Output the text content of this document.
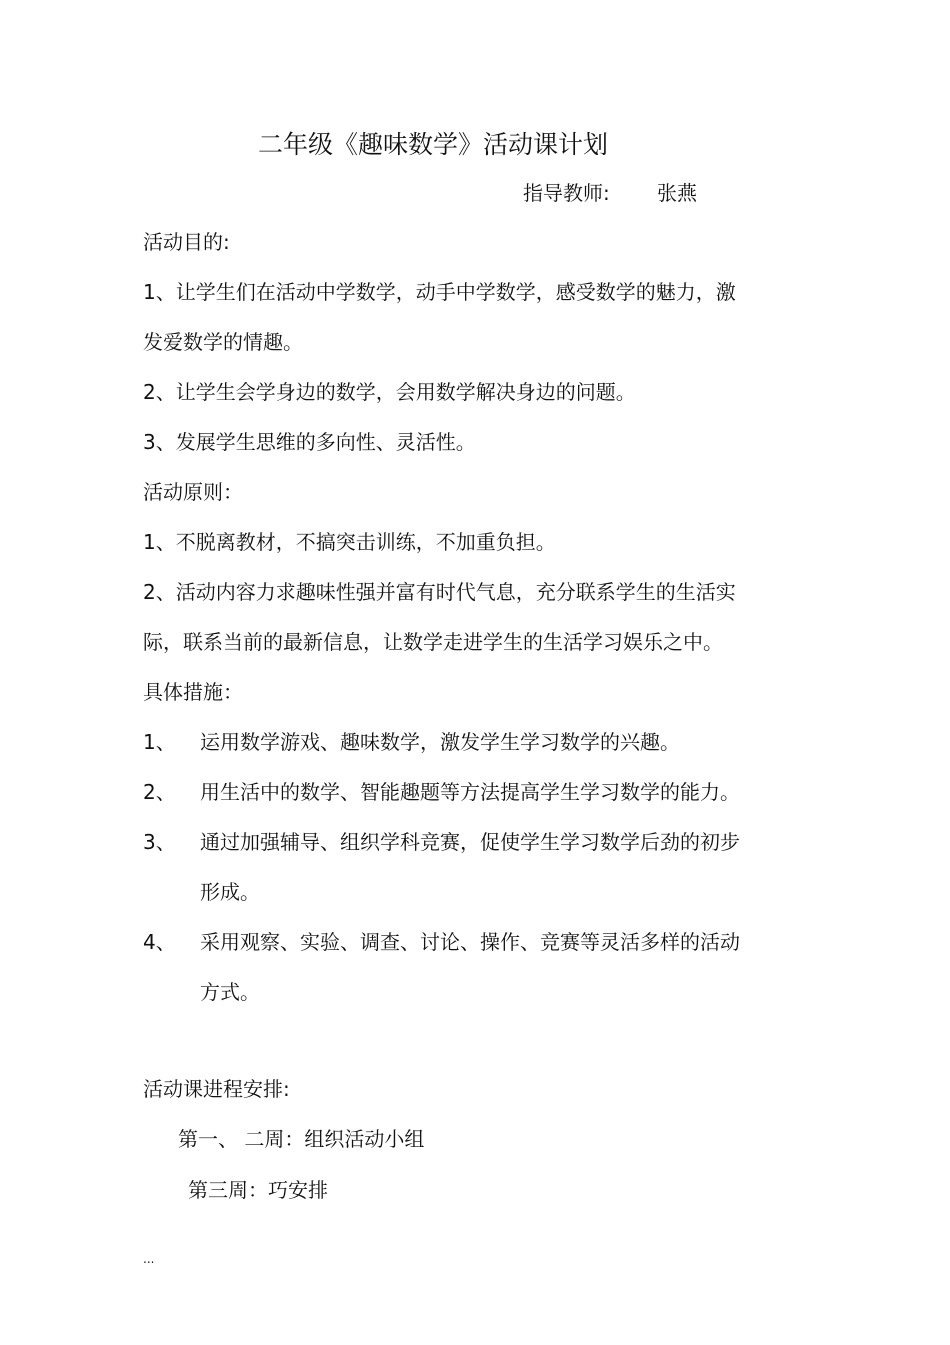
二年级《趣味数学》活动课计划
指导教师: 张燕
活动目的:
1、让学生们在活动中学数学，动手中学数学，感受数学的魅力，激
发爱数学的情趣。
2、让学生会学身边的数学，会用数学解决身边的问题。
3、发展学生思维的多向性、灵活性。
活动原则：
1、不脱离教材，不搞突击训练，不加重负担。
2、活动内容力求趣味性强并富有时代气息，充分联系学生的生活实
际，联系当前的最新信息，让数学走进学生的生活学习娱乐之中。
具体措施：
1、 运用数学游戏、趣味数学，激发学生学习数学的兴趣。
2、 用生活中的数学、智能趣题等方法提高学生学习数学的能力。
3、 通过加强辅导、组织学科竞赛，促使学生学习数学后劲的初步
形成。
4、 采用观察、实验、调查、讨论、操作、竞赛等灵活多样的活动
方式。
活动课进程安排:
第一、 二周：组织活动小组
第三周：巧安排
...
